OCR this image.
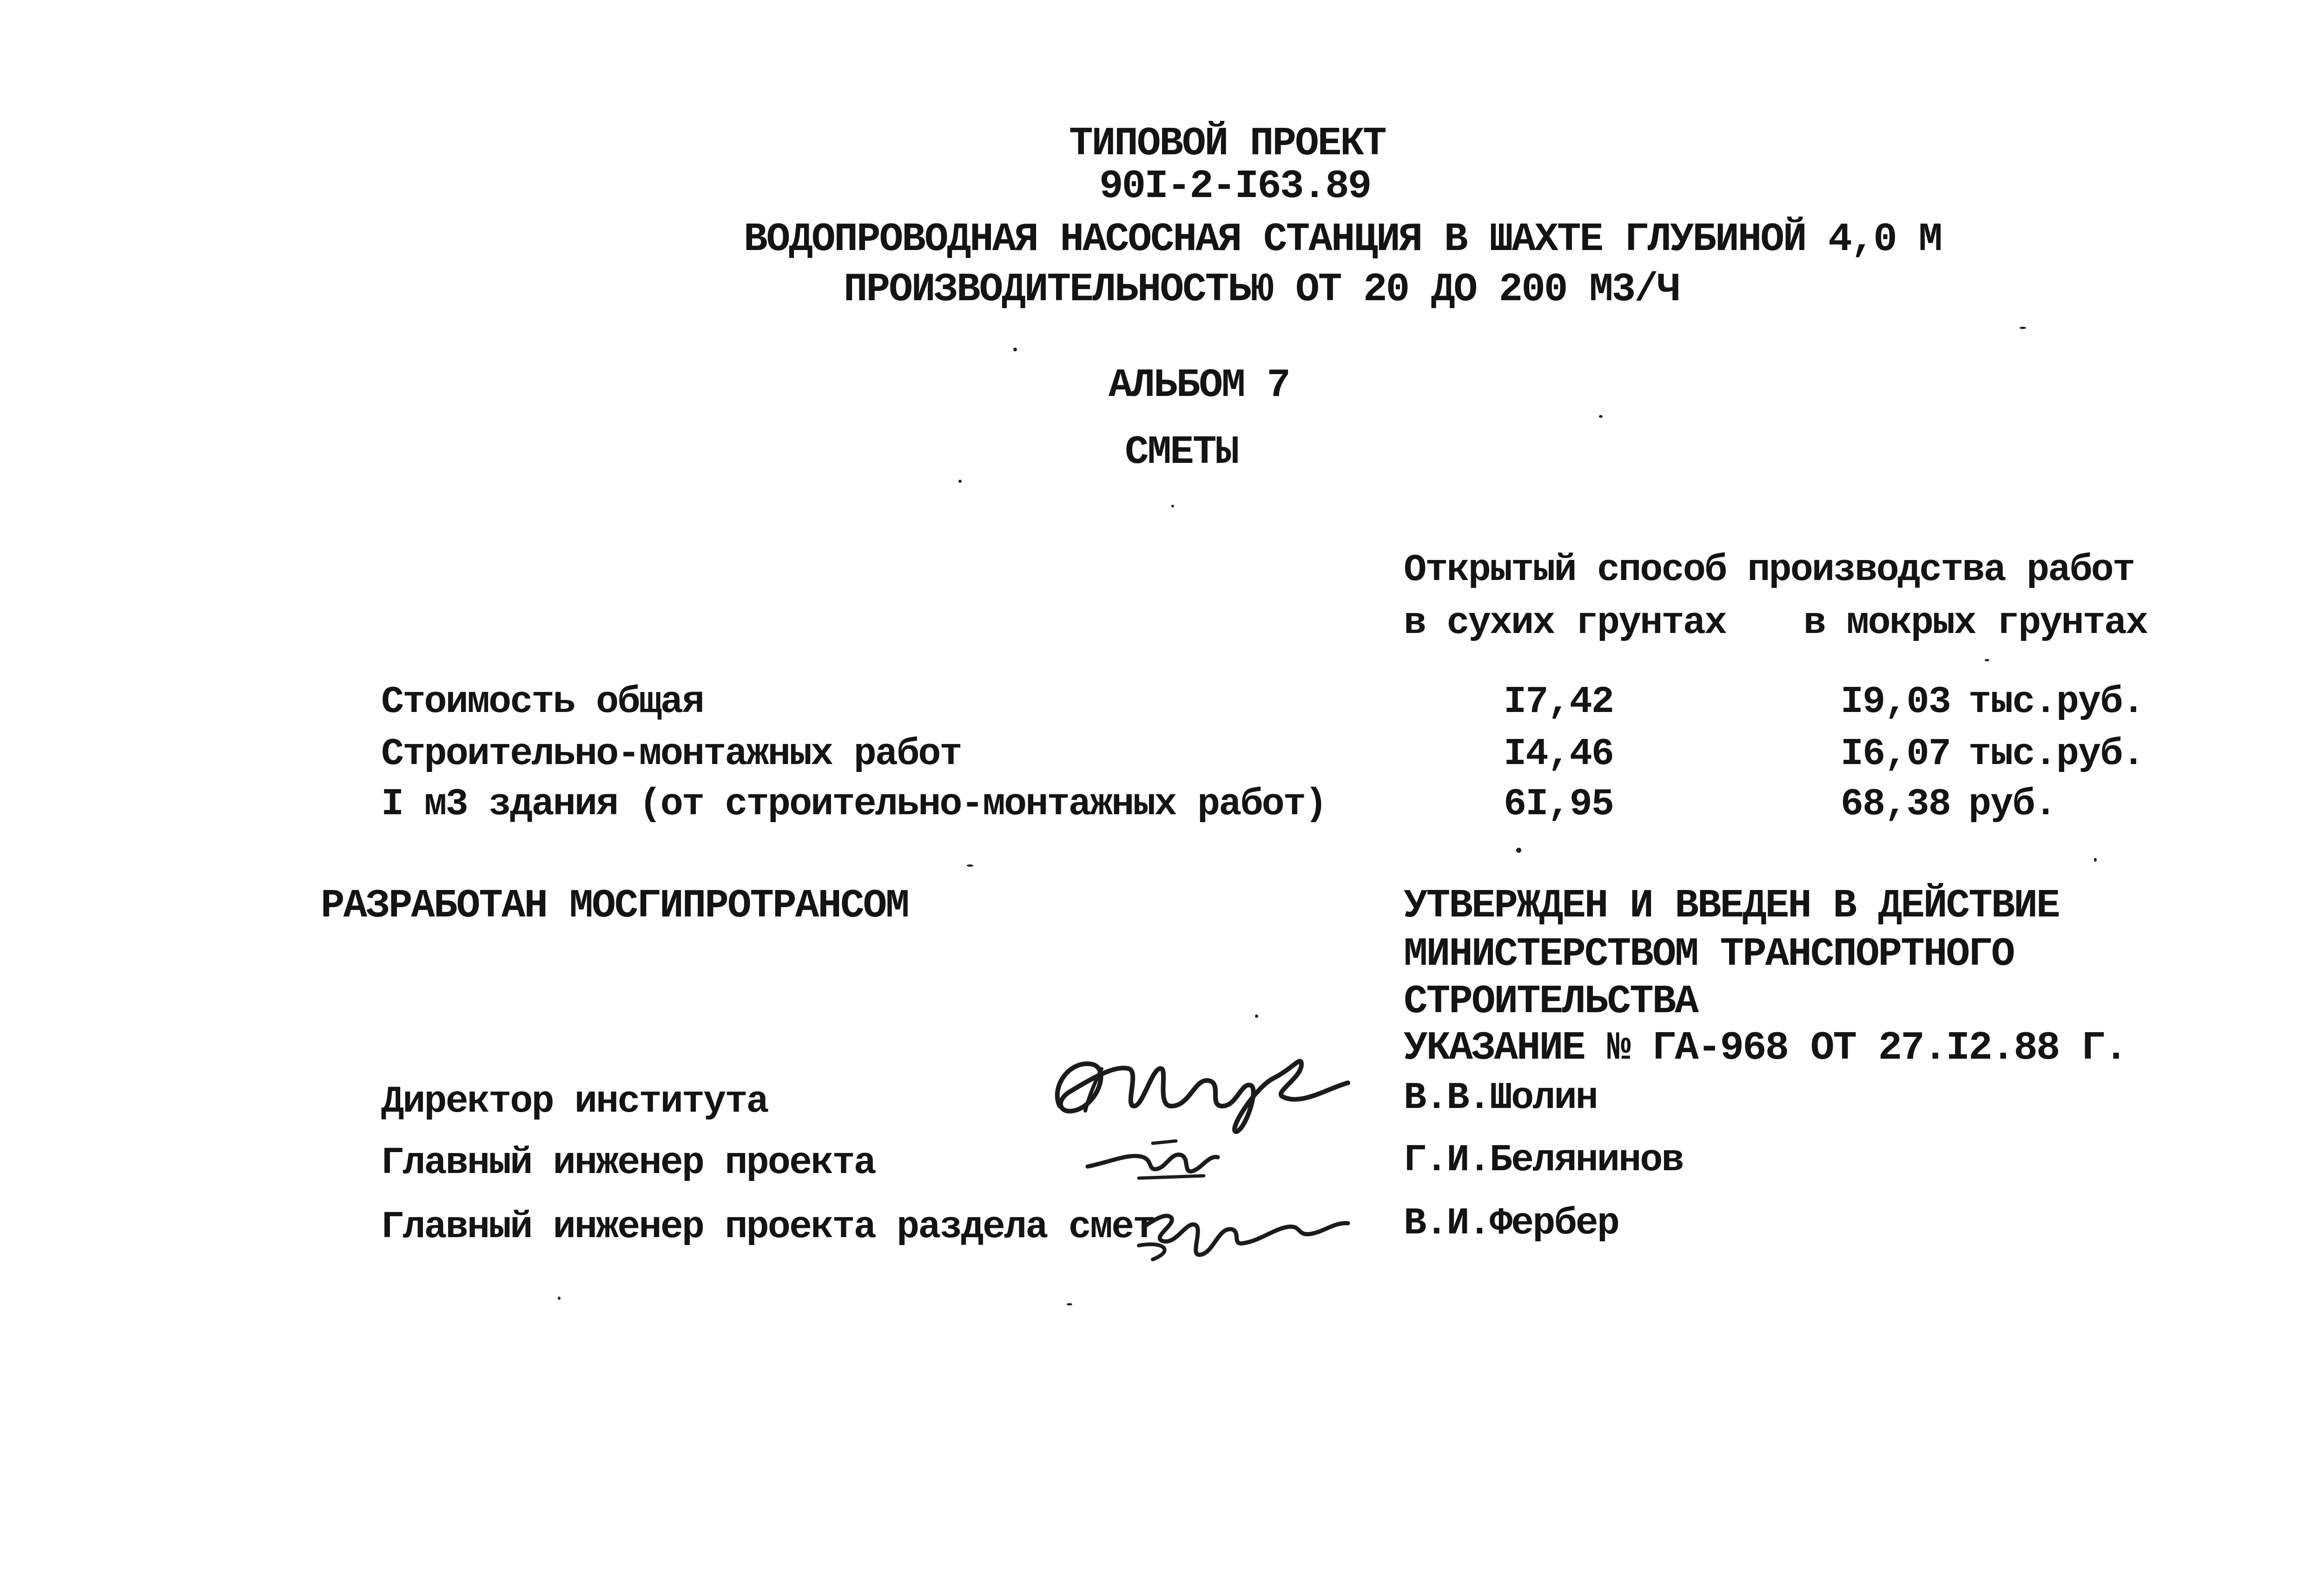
ТИПОВОЙ ПРОЕКТ
90I-2-I63.89
ВОДОПРОВОДНАЯ НАСОСНАЯ СТАНЦИЯ В ШАХТЕ ГЛУБИНОЙ 4,0 М
ПРОИЗВОДИТЕЛЬНОСТЬЮ ОТ 20 ДО 200 М3/Ч
АЛЬБОМ 7
СМЕТЫ
Открытый способ производства работ
в сухих грунтах в мокрых грунтах
Стоимость общая	I7,42	I9,03 тыс.руб.
Строительно-монтажных работ	I4,46	I6,07 тыс.руб.
I м3 здания (от строительно-монтажных работ)	6I,95	68,38 руб.
РАЗРАБОТАН МОСГИПРОТРАНСОМ	УТВЕРЖДЕН И ВВЕДЕН В ДЕЙСТВИЕ
МИНИСТЕРСТВОМ ТРАНСПОРТНОГО
СТРОИТЕЛЬСТВА
УКАЗАНИЕ № ГА-968 ОТ 27.I2.88 Г.
Директор института	В.В.Шолин
Главный инженер проекта	Г.И.Белянинов
Главный инженер проекта раздела смет	В.И.Фербер
